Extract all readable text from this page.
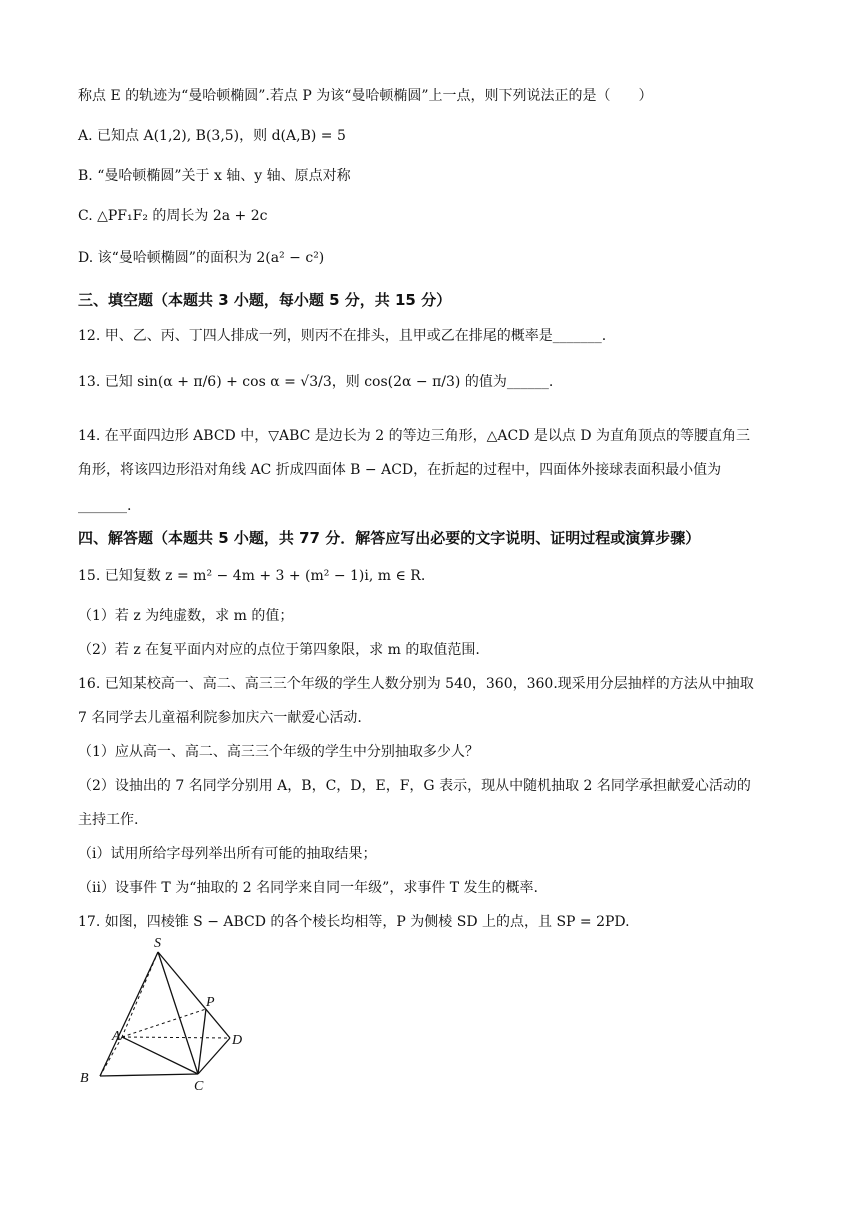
称点 E 的轨迹为“曼哈顿椭圆”.若点 P 为该“曼哈顿椭圆”上一点，则下列说法正的是（　　）
A. 已知点 A(1,2), B(3,5)，则 d(A,B) = 5
B. “曼哈顿椭圆”关于 x 轴、y 轴、原点对称
C. △PF₁F₂ 的周长为 2a + 2c
D. 该“曼哈顿椭圆”的面积为 2(a² − c²)
三、填空题（本题共 3 小题，每小题 5 分，共 15 分）
12. 甲、乙、丙、丁四人排成一列，则丙不在排头，且甲或乙在排尾的概率是_______.
13. 已知 sin(α + π/6) + cos α = √3/3，则 cos(2α − π/3) 的值为______.
14. 在平面四边形 ABCD 中，▽ABC 是边长为 2 的等边三角形，△ACD 是以点 D 为直角顶点的等腰直角三
角形，将该四边形沿对角线 AC 折成四面体 B − ACD，在折起的过程中，四面体外接球表面积最小值为
_______.
四、解答题（本题共 5 小题，共 77 分．解答应写出必要的文字说明、证明过程或演算步骤）
15. 已知复数 z = m² − 4m + 3 + (m² − 1)i, m ∈ R.
（1）若 z 为纯虚数，求 m 的值；
（2）若 z 在复平面内对应的点位于第四象限，求 m 的取值范围.
16. 已知某校高一、高二、高三三个年级的学生人数分别为 540，360，360.现采用分层抽样的方法从中抽取
7 名同学去儿童福利院参加庆六一献爱心活动.
（1）应从高一、高二、高三三个年级的学生中分别抽取多少人？
（2）设抽出的 7 名同学分别用 A，B，C，D，E，F，G 表示，现从中随机抽取 2 名同学承担献爱心活动的
主持工作.
（ⅰ）试用所给字母列举出所有可能的抽取结果；
（ⅱ）设事件 T 为“抽取的 2 名同学来自同一年级”，求事件 T 发生的概率.
17. 如图，四棱锥 S − ABCD 的各个棱长均相等，P 为侧棱 SD 上的点，且 SP = 2PD.
S
P
A	D
B
C
